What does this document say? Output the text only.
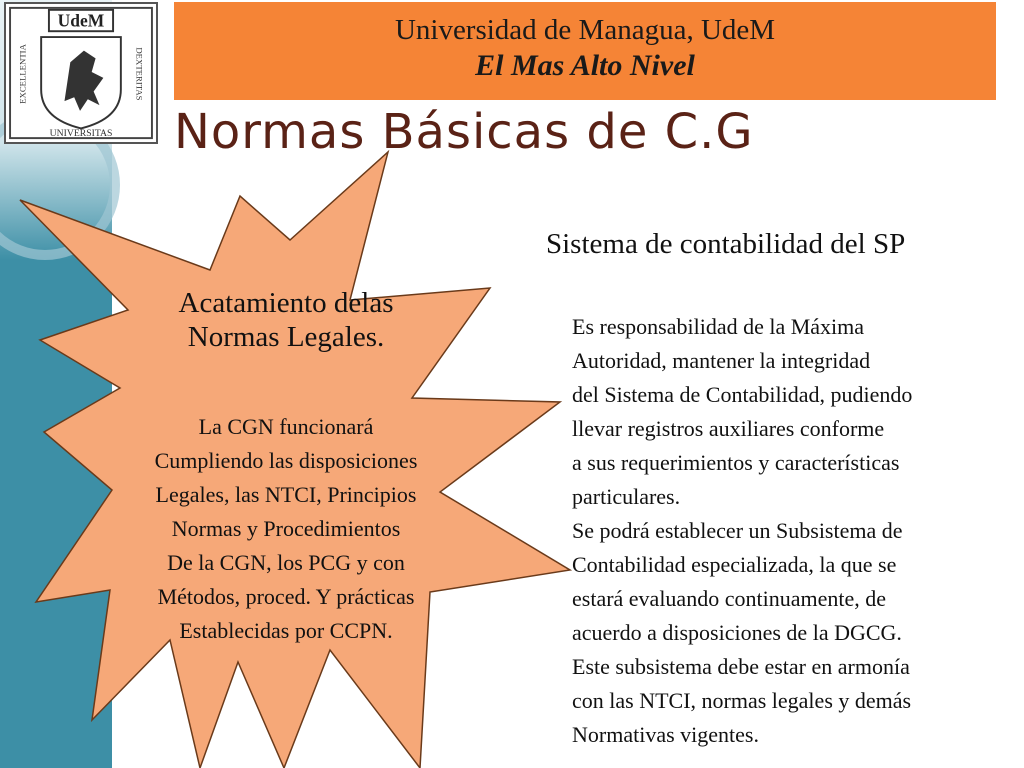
UdeM
EXCELLENTIA	DEXTERITAS
UNIVERSITAS
Universidad de Managua, UdeM
El Mas Alto Nivel
Normas Básicas de C.G
Acatamiento delas Normas Legales.
La CGN funcionará
Cumpliendo las disposiciones
Legales, las NTCI, Principios
Normas y Procedimientos
De la CGN, los PCG y con
Métodos, proced. Y prácticas
Establecidas por CCPN.
Sistema de contabilidad del SP
Es responsabilidad de la Máxima
Autoridad, mantener la integridad
del Sistema de Contabilidad, pudiendo
llevar registros auxiliares conforme
a sus requerimientos y características
particulares.
Se podrá establecer un Subsistema de
Contabilidad especializada, la que se
estará evaluando continuamente, de
acuerdo a disposiciones de la DGCG.
Este subsistema debe estar en armonía
con las NTCI, normas legales y demás
Normativas vigentes.
